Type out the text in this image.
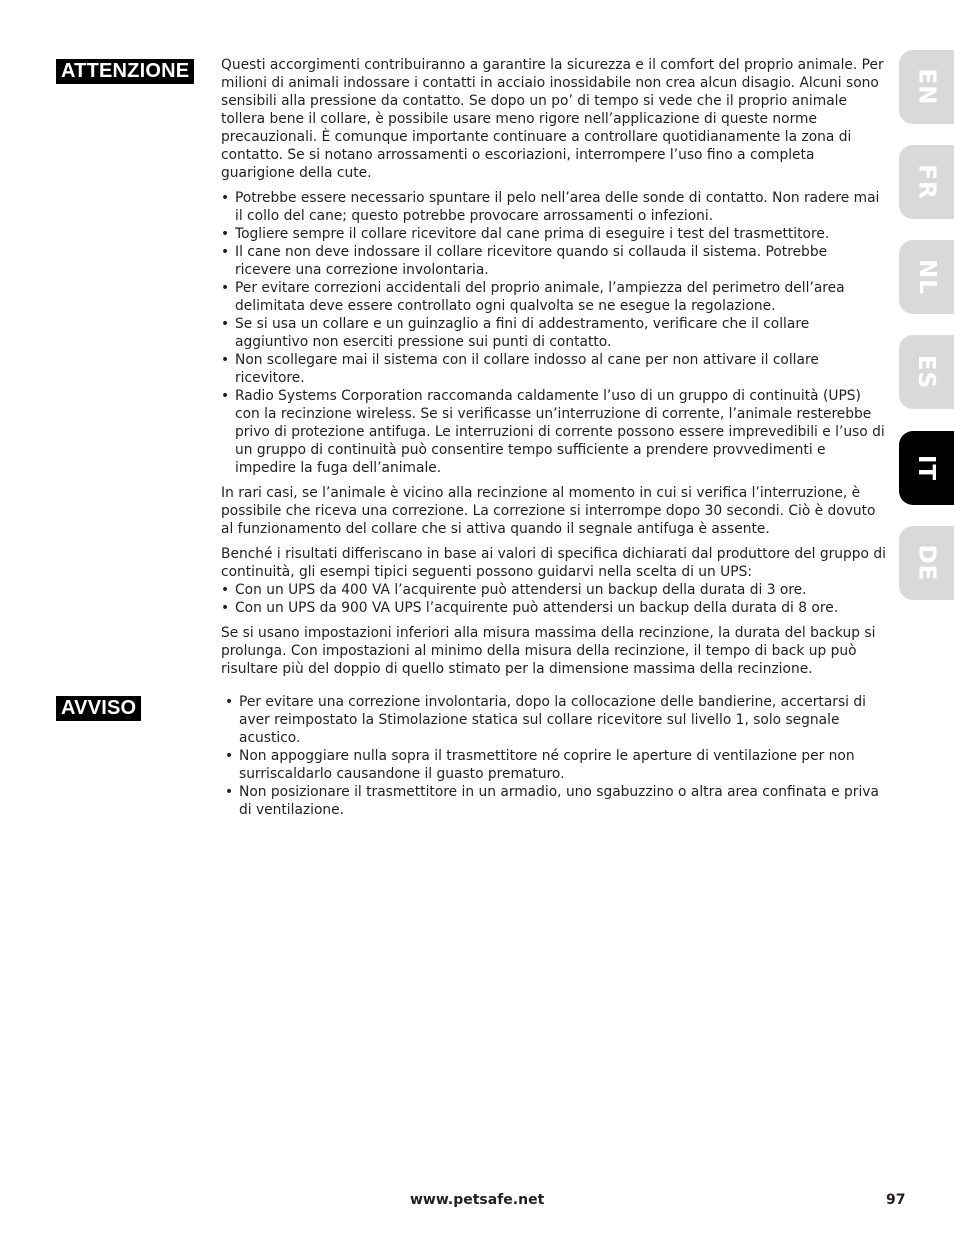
ATTENZIONE	Questi accorgimenti contribuiranno a garantire la sicurezza e il comfort del proprio animale. Per milioni di animali indossare i contatti in acciaio inossidabile non crea alcun disagio. Alcuni sono sensibili alla pressione da contatto. Se dopo un po’ di tempo si vede che il proprio animale tollera bene il collare, è possibile usare meno rigore nell’applicazione di queste norme precauzionali. È comunque importante continuare a controllare quotidianamente la zona di contatto. Se si notano arrossamenti o escoriazioni, interrompere l’uso fino a completa guarigione della cute.

• Potrebbe essere necessario spuntare il pelo nell’area delle sonde di contatto. Non radere mai il collo del cane; questo potrebbe provocare arrossamenti o infezioni.
• Togliere sempre il collare ricevitore dal cane prima di eseguire i test del trasmettitore.
• Il cane non deve indossare il collare ricevitore quando si collauda il sistema. Potrebbe ricevere una correzione involontaria.
• Per evitare correzioni accidentali del proprio animale, l’ampiezza del perimetro dell’area delimitata deve essere controllato ogni qualvolta se ne esegue la regolazione.
• Se si usa un collare e un guinzaglio a fini di addestramento, verificare che il collare aggiuntivo non eserciti pressione sui punti di contatto.
• Non scollegare mai il sistema con il collare indosso al cane per non attivare il collare ricevitore.
• Radio Systems Corporation raccomanda caldamente l’uso di un gruppo di continuità (UPS) con la recinzione wireless. Se si verificasse un’interruzione di corrente, l’animale resterebbe privo di protezione antifuga. Le interruzioni di corrente possono essere imprevedibili e l’uso di un gruppo di continuità può consentire tempo sufficiente a prendere provvedimenti e impedire la fuga dell’animale.

In rari casi, se l’animale è vicino alla recinzione al momento in cui si verifica l’interruzione, è possibile che riceva una correzione. La correzione si interrompe dopo 30 secondi. Ciò è dovuto al funzionamento del collare che si attiva quando il segnale antifuga è assente.

Benché i risultati differiscano in base ai valori di specifica dichiarati dal produttore del gruppo di continuità, gli esempi tipici seguenti possono guidarvi nella scelta di un UPS:

• Con un UPS da 400 VA l’acquirente può attendersi un backup della durata di 3 ore.
• Con un UPS da 900 VA UPS l’acquirente può attendersi un backup della durata di 8 ore.

Se si usano impostazioni inferiori alla misura massima della recinzione, la durata del backup si prolunga. Con impostazioni al minimo della misura della recinzione, il tempo di back up può risultare più del doppio di quello stimato per la dimensione massima della recinzione.

AVVISO
•	Per evitare una correzione involontaria, dopo la collocazione delle bandierine, accertarsi di aver reimpostato la Stimolazione statica sul collare ricevitore sul livello 1, solo segnale acustico.
• Non appoggiare nulla sopra il trasmettitore né coprire le aperture di ventilazione per non surriscaldarlo causandone il guasto prematuro.
• Non posizionare il trasmettitore in un armadio, uno sgabuzzino o altra area confinata e priva di ventilazione.
EN
FR
NL
ES
IT
DE
www.petsafe.net	97
